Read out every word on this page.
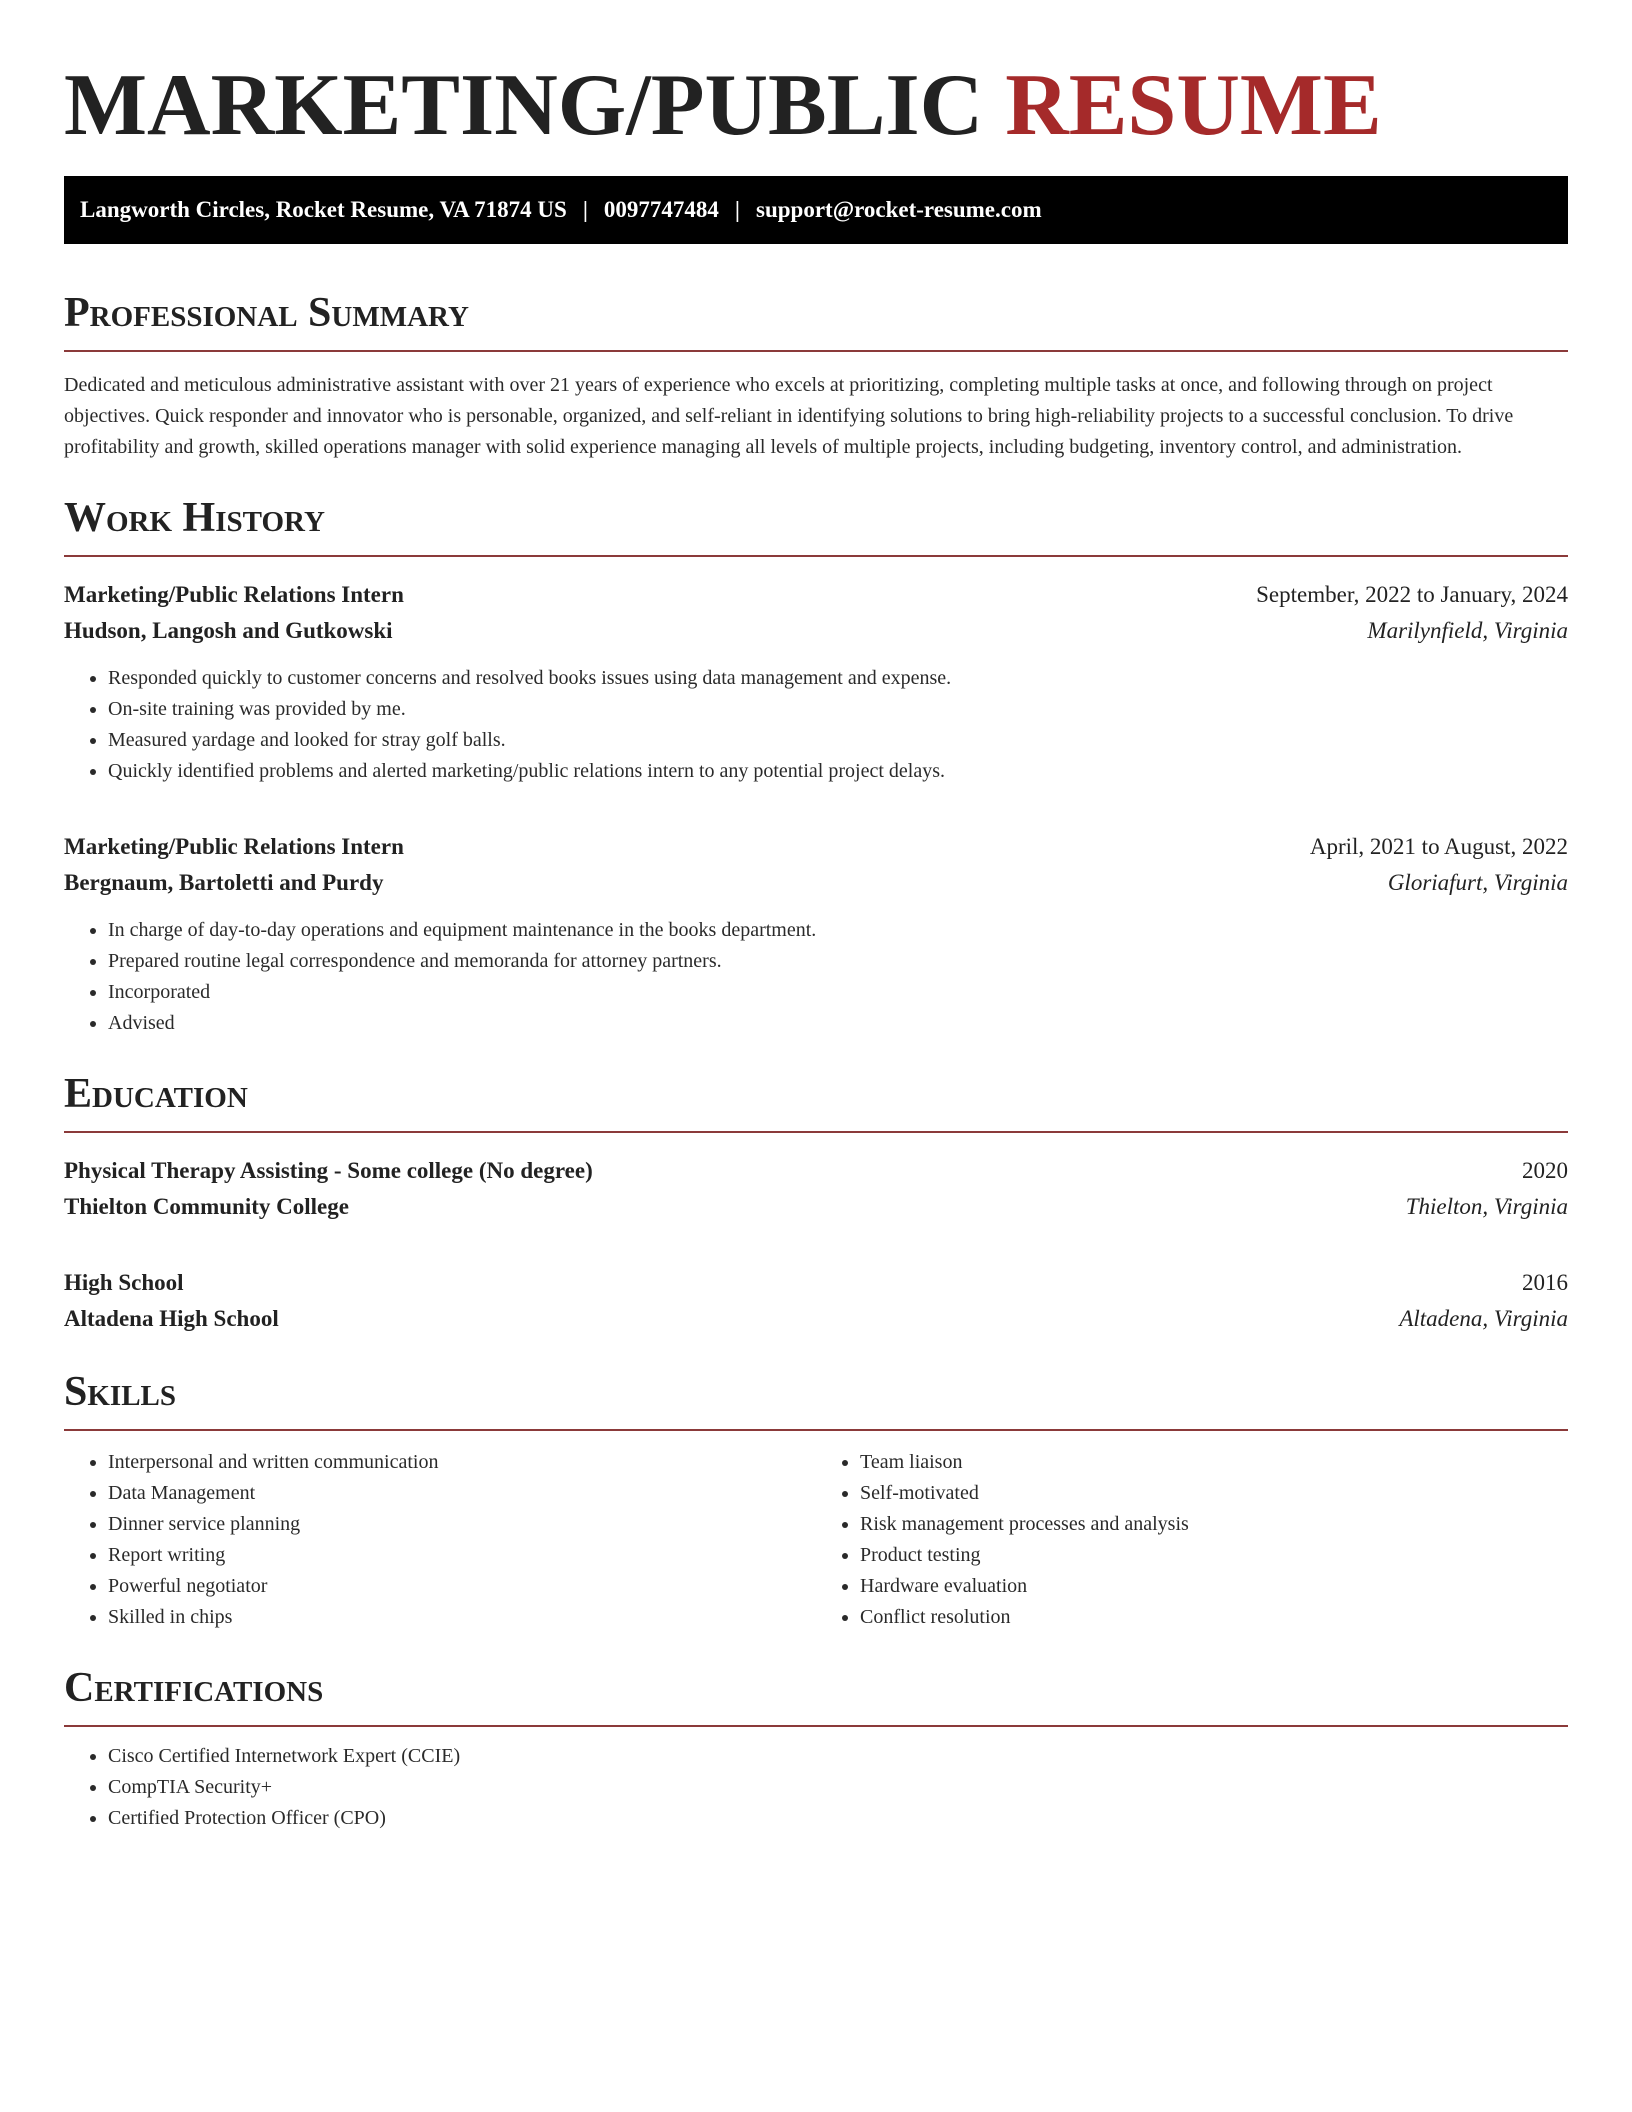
MARKETING/PUBLIC RESUME
Langworth Circles, Rocket Resume, VA 71874 US | 0097747484 | support@rocket-resume.com
Professional Summary

Dedicated and meticulous administrative assistant with over 21 years of experience who excels at prioritizing, completing multiple tasks at once, and following through on project objectives. Quick responder and innovator who is personable, organized, and self-reliant in identifying solutions to bring high-reliability projects to a successful conclusion. To drive profitability and growth, skilled operations manager with solid experience managing all levels of multiple projects, including budgeting, inventory control, and administration.

Work History
Marketing/Public Relations Intern	September, 2022 to January, 2024
Hudson, Langosh and Gutkowski	Marilynfield, Virginia
• Responded quickly to customer concerns and resolved books issues using data management and expense.
• On-site training was provided by me.
• Measured yardage and looked for stray golf balls.
• Quickly identified problems and alerted marketing/public relations intern to any potential project delays.
Marketing/Public Relations Intern	April, 2021 to August, 2022
Bergnaum, Bartoletti and Purdy	Gloriafurt, Virginia
• In charge of day-to-day operations and equipment maintenance in the books department.
• Prepared routine legal correspondence and memoranda for attorney partners.
• Incorporated
• Advised
Education
Physical Therapy Assisting - Some college (No degree)	2020
Thielton Community College	Thielton, Virginia
High School	2016
Altadena High School	Altadena, Virginia
Skills
• Interpersonal and written communication
• Data Management
• Dinner service planning
• Report writing
• Powerful negotiator
• Skilled in chips
• Team liaison
• Self-motivated
• Risk management processes and analysis
• Product testing
• Hardware evaluation
• Conflict resolution
Certifications
• Cisco Certified Internetwork Expert (CCIE)
• CompTIA Security+
• Certified Protection Officer (CPO)
